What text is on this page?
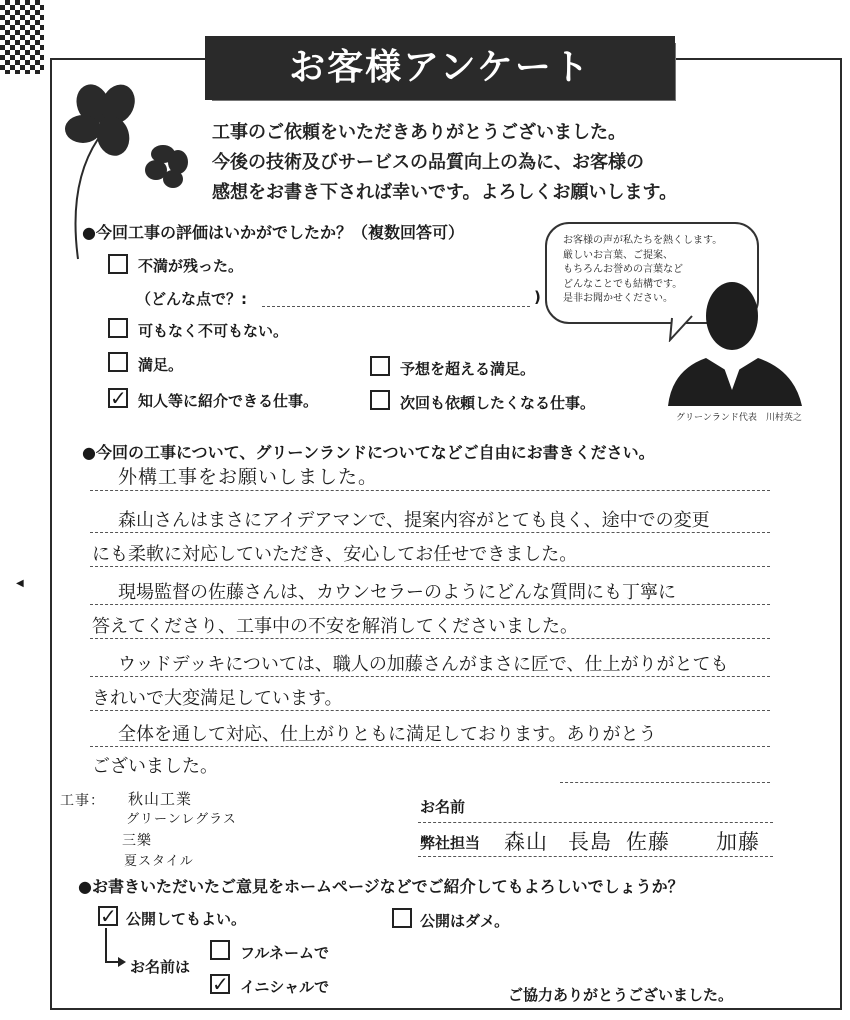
◀
お客様アンケート
工事のご依頼をいただきありがとうございました。
今後の技術及びサービスの品質向上の為に、お客様の
感想をお書き下されば幸いです。よろしくお願いします。
●今回工事の評価はいかがでしたか？（複数回答可）
不満が残った。
（どんな点で？:	)
可もなく不可もない。
満足。	予想を超える満足。
✓ 知人等に紹介できる仕事。	次回も依頼したくなる仕事。

お客様の声が私たちを熱くします。

厳しいお言葉、ご提案、

もちろんお誉めの言葉など

どんなことでも結構です。

是非お聞かせください。

グリーンランド代表　川村英之
●今回の工事について、グリーンランドについてなどご自由にお書きください。
外構工事をお願いしました。
森山さんはまさにアイデアマンで、提案内容がとても良く、途中での変更
にも柔軟に対応していただき、安心してお任せできました。
現場監督の佐藤さんは、カウンセラーのようにどんな質問にも丁寧に
答えてくださり、工事中の不安を解消してくださいました。
ウッドデッキについては、職人の加藤さんがまさに匠で、仕上がりがとても
きれいで大変満足しています。
全体を通して対応、仕上がりともに満足しております。ありがとう
ございました。
工事： 秋山工業
グリーンレグラス
三樂
夏スタイル
お名前
弊社担当 森山 長島 佐藤 加藤
●お書きいただいたご意見をホームページなどでご紹介してもよろしいでしょうか？
✓ 公開してもよい。	公開はダメ。
お名前は
フルネームで
✓ イニシャルで	ご協力ありがとうございました。
